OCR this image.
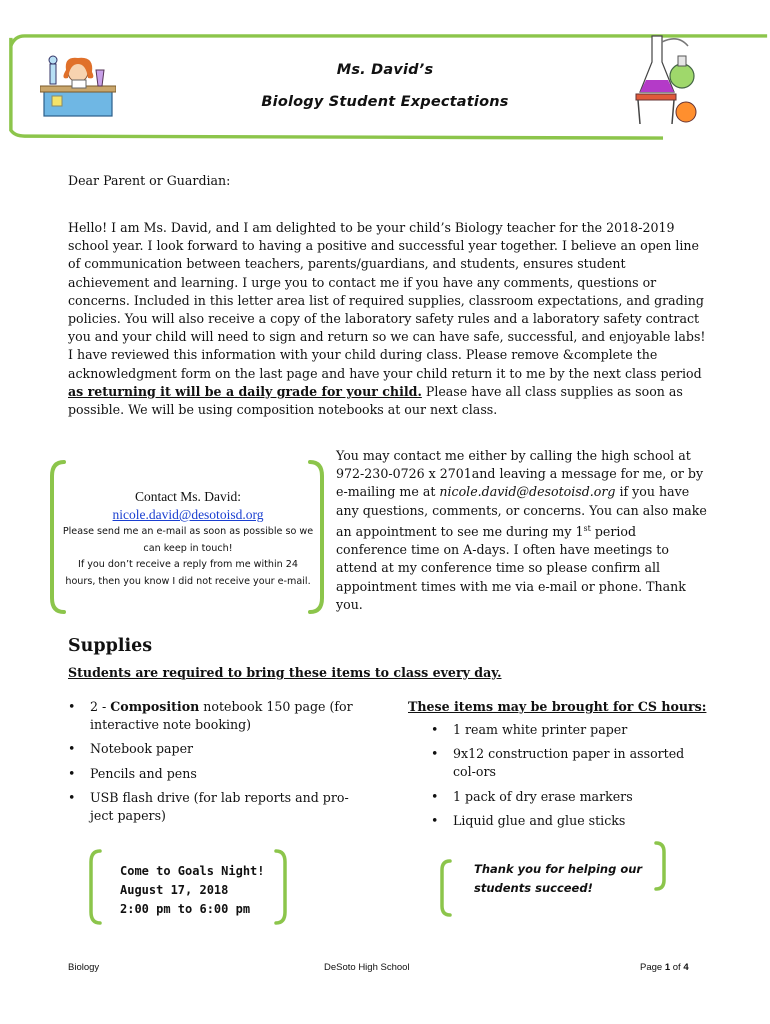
Ms. David’s
Biology Student Expectations
Dear Parent or Guardian:

Hello! I am Ms. David, and I am delighted to be your child’s Biology teacher for the 2018-2019 school year. I look forward to having a positive and successful year together. I believe an open line of communication between teachers, parents/guardians, and students, ensures student achievement and learning. I urge you to contact me if you have any comments, questions or concerns. Included in this letter area list of required supplies, classroom expectations, and grading policies. You will also receive a copy of the laboratory safety rules and a laboratory safety contract you and your child will need to sign and return so we can have safe, successful, and enjoyable labs! I have reviewed this information with your child during class. Please remove &complete the acknowledgment form on the last page and have your child return it to me by the next class period as returning it will be a daily grade for your child. Please have all class supplies as soon as possible. We will be using composition notebooks at our next class.

Contact Ms. David:
nicole.david@desotoisd.org
Please send me an e-mail as soon as possible so we can keep in touch!
If you don’t receive a reply from me within 24 hours, then you know I did not receive your e-mail.
You may contact me either by calling the high school at 972-230-0726 x 2701and leaving a message for me, or by e-mailing me at nicole.david@desotoisd.org if you have any questions, comments, or concerns. You can also make an appointment to see me during my 1st period conference time on A-days. I often have meetings to attend at my conference time so please confirm all appointment times with me via e-mail or phone. Thank you.
Supplies
Students are required to bring these items to class every day.
• 2 - Composition notebook 150 page (for interactive note booking)
• Notebook paper
• Pencils and pens
• USB flash drive (for lab reports and pro-ject papers)
These items may be brought for CS hours:
• 1 ream white printer paper
• 9x12 construction paper in assorted col-ors
• 1 pack of dry erase markers
• Liquid glue and glue sticks
Come to Goals Night!
August 17, 2018
2:00 pm to 6:00 pm
Thank you for helping our
students succeed!
Biology	DeSoto High School	Page 1 of 4
